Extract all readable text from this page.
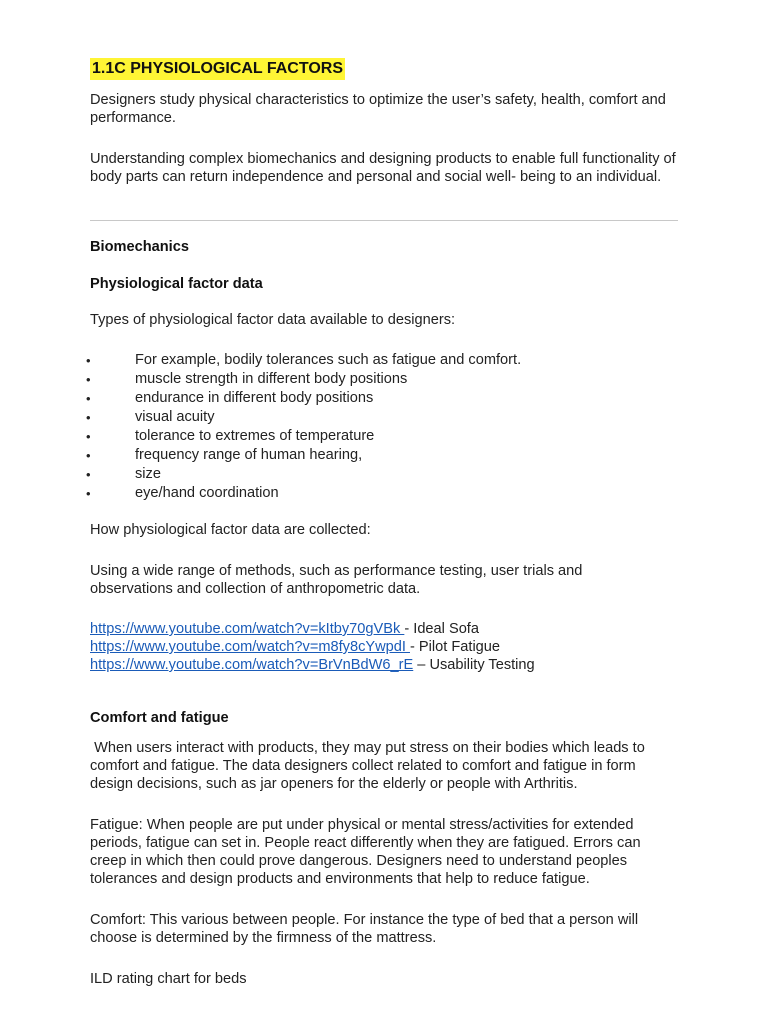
1.1C PHYSIOLOGICAL FACTORS

Designers study physical characteristics to optimize the user’s safety, health, comfort and performance.

Understanding complex biomechanics and designing products to enable full functionality of body parts can return independence and personal and social well- being to an individual.

Biomechanics

Physiological factor data

Types of physiological factor data available to designers:

•	For example, bodily tolerances such as fatigue and comfort.
•	muscle strength in different body positions
•	endurance in different body positions
•	visual acuity
•	tolerance to extremes of temperature
•	frequency range of human hearing,
•	size
•	eye/hand coordination

How physiological factor data are collected:

Using a wide range of methods, such as performance testing, user trials and observations and collection of anthropometric data.

https://www.youtube.com/watch?v=kItby70gVBk - Ideal Sofa
https://www.youtube.com/watch?v=m8fy8cYwpdI - Pilot Fatigue
https://www.youtube.com/watch?v=BrVnBdW6_rE – Usability Testing

Comfort and fatigue

When users interact with products, they may put stress on their bodies which leads to comfort and fatigue. The data designers collect related to comfort and fatigue in form design decisions, such as jar openers for the elderly or people with Arthritis.

Fatigue: When people are put under physical or mental stress/activities for extended periods, fatigue can set in. People react differently when they are fatigued. Errors can creep in which then could prove dangerous. Designers need to understand peoples tolerances and design products and environments that help to reduce fatigue.

Comfort: This various between people. For instance the type of bed that a person will choose is determined by the firmness of the mattress.

ILD rating chart for beds
